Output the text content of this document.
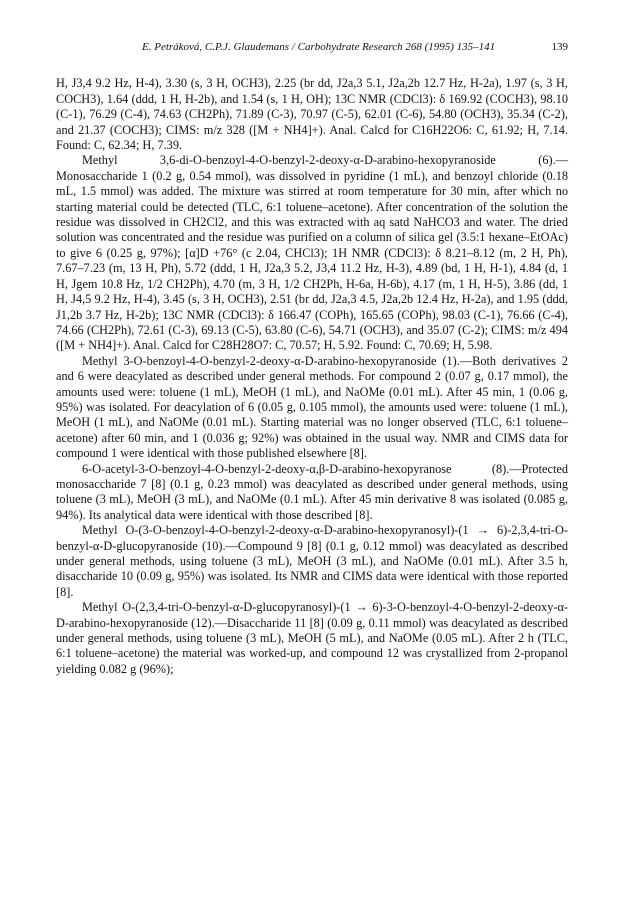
E. Petráková, C.P.J. Glaudemans / Carbohydrate Research 268 (1995) 135–141	139

H, J3,4 9.2 Hz, H-4), 3.30 (s, 3 H, OCH3), 2.25 (br dd, J2a,3 5.1, J2a,2b 12.7 Hz, H-2a), 1.97 (s, 3 H, COCH3), 1.64 (ddd, 1 H, H-2b), and 1.54 (s, 1 H, OH); 13C NMR (CDCl3): δ 169.92 (COCH3), 98.10 (C-1), 76.29 (C-4), 74.63 (CH2Ph), 71.89 (C-3), 70.97 (C-5), 62.01 (C-6), 54.80 (OCH3), 35.34 (C-2), and 21.37 (COCH3); CIMS: m/z 328 ([M + NH4]+). Anal. Calcd for C16H22O6: C, 61.92; H, 7.14. Found: C, 62.34; H, 7.39.

Methyl 3,6-di-O-benzoyl-4-O-benzyl-2-deoxy-α-D-arabino-hexopyranoside (6).—Monosaccharide 1 (0.2 g, 0.54 mmol), was dissolved in pyridine (1 mL), and benzoyl chloride (0.18 mL, 1.5 mmol) was added. The mixture was stirred at room temperature for 30 min, after which no starting material could be detected (TLC, 6:1 toluene–acetone). After concentration of the solution the residue was dissolved in CH2Cl2, and this was extracted with aq satd NaHCO3 and water. The dried solution was concentrated and the residue was purified on a column of silica gel (3.5:1 hexane–EtOAc) to give 6 (0.25 g, 97%); [α]D +76° (c 2.04, CHCl3); 1H NMR (CDCl3): δ 8.21–8.12 (m, 2 H, Ph), 7.67–7.23 (m, 13 H, Ph), 5.72 (ddd, 1 H, J2a,3 5.2, J3,4 11.2 Hz, H-3), 4.89 (bd, 1 H, H-1), 4.84 (d, 1 H, Jgem 10.8 Hz, 1/2 CH2Ph), 4.70 (m, 3 H, 1/2 CH2Ph, H-6a, H-6b), 4.17 (m, 1 H, H-5), 3.86 (dd, 1 H, J4,5 9.2 Hz, H-4), 3.45 (s, 3 H, OCH3), 2.51 (br dd, J2a,3 4.5, J2a,2b 12.4 Hz, H-2a), and 1.95 (ddd, J1,2b 3.7 Hz, H-2b); 13C NMR (CDCl3): δ 166.47 (COPh), 165.65 (COPh), 98.03 (C-1), 76.66 (C-4), 74.66 (CH2Ph), 72.61 (C-3), 69.13 (C-5), 63.80 (C-6), 54.71 (OCH3), and 35.07 (C-2); CIMS: m/z 494 ([M + NH4]+). Anal. Calcd for C28H28O7: C, 70.57; H, 5.92. Found: C, 70.69; H, 5.98.

Methyl 3-O-benzoyl-4-O-benzyl-2-deoxy-α-D-arabino-hexopyranoside (1).—Both derivatives 2 and 6 were deacylated as described under general methods. For compound 2 (0.07 g, 0.17 mmol), the amounts used were: toluene (1 mL), MeOH (1 mL), and NaOMe (0.01 mL). After 45 min, 1 (0.06 g, 95%) was isolated. For deacylation of 6 (0.05 g, 0.105 mmol), the amounts used were: toluene (1 mL), MeOH (1 mL), and NaOMe (0.01 mL). Starting material was no longer observed (TLC, 6:1 toluene–acetone) after 60 min, and 1 (0.036 g; 92%) was obtained in the usual way. NMR and CIMS data for compound 1 were identical with those published elsewhere [8].

6-O-acetyl-3-O-benzoyl-4-O-benzyl-2-deoxy-α,β-D-arabino-hexopyranose (8).—Protected monosaccharide 7 [8] (0.1 g, 0.23 mmol) was deacylated as described under general methods, using toluene (3 mL), MeOH (3 mL), and NaOMe (0.1 mL). After 45 min derivative 8 was isolated (0.085 g, 94%). Its analytical data were identical with those described [8].

Methyl O-(3-O-benzoyl-4-O-benzyl-2-deoxy-α-D-arabino-hexopyranosyl)-(1 → 6)-2,3,4-tri-O-benzyl-α-D-glucopyranoside (10).—Compound 9 [8] (0.1 g, 0.12 mmol) was deacylated as described under general methods, using toluene (3 mL), MeOH (3 mL), and NaOMe (0.01 mL). After 3.5 h, disaccharide 10 (0.09 g, 95%) was isolated. Its NMR and CIMS data were identical with those reported [8].

Methyl O-(2,3,4-tri-O-benzyl-α-D-glucopyranosyl)-(1 → 6)-3-O-benzoyl-4-O-benzyl-2-deoxy-α-D-arabino-hexopyranoside (12).—Disaccharide 11 [8] (0.09 g, 0.11 mmol) was deacylated as described under general methods, using toluene (3 mL), MeOH (5 mL), and NaOMe (0.05 mL). After 2 h (TLC, 6:1 toluene–acetone) the material was worked-up, and compound 12 was crystallized from 2-propanol yielding 0.082 g (96%);
